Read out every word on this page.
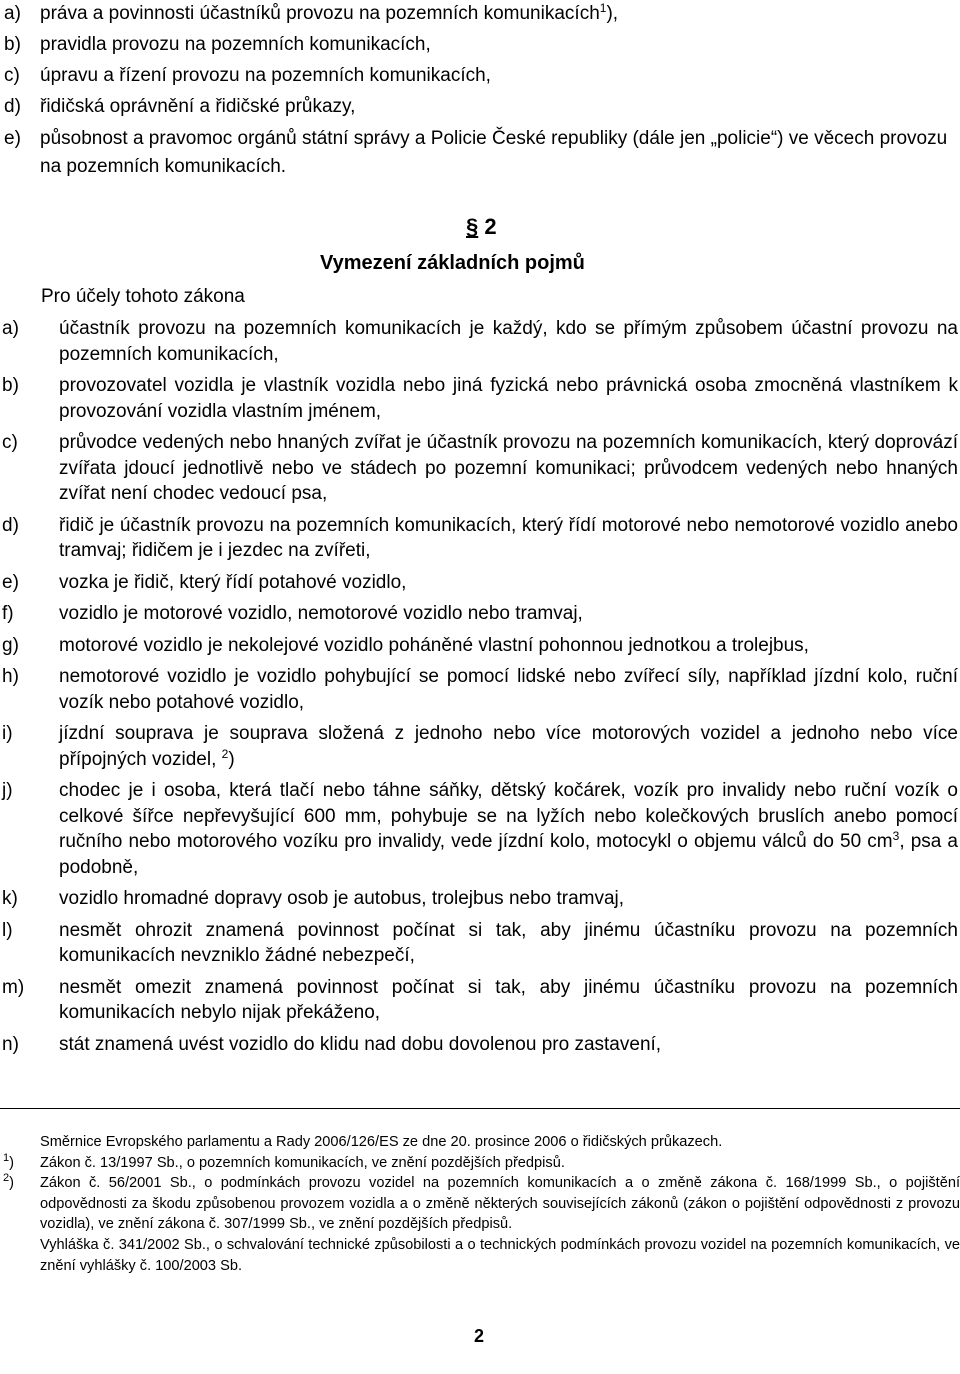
a)	práva a povinnosti účastníků provozu na pozemních komunikacích$^1$),
b)	pravidla provozu na pozemních komunikacích,
c)	úpravu a řízení provozu na pozemních komunikacích,
d)	řidičská oprávnění a řidičské průkazy,
e)	působnost a pravomoc orgánů státní správy a Policie České republiky (dále jen „policie“) ve věcech provozu na pozemních komunikacích.
§ 2
Vymezení základních pojmů
Pro účely tohoto zákona
a)	účastník provozu na pozemních komunikacích je každý, kdo se přímým způsobem účastní provozu na pozemních komunikacích,
b)	provozovatel vozidla je vlastník vozidla nebo jiná fyzická nebo právnická osoba zmocněná vlastníkem k provozování vozidla vlastním jménem,
c)	průvodce vedených nebo hnaných zvířat je účastník provozu na pozemních komunikacích, který doprovází zvířata jdoucí jednotlivě nebo ve stádech po pozemní komunikaci; průvodcem vedených nebo hnaných zvířat není chodec vedoucí psa,
d)	řidič je účastník provozu na pozemních komunikacích, který řídí motorové nebo nemotorové vozidlo anebo tramvaj; řidičem je i jezdec na zvířeti,
e)	vozka je řidič, který řídí potahové vozidlo,
f)	vozidlo je motorové vozidlo, nemotorové vozidlo nebo tramvaj,
g)	motorové vozidlo je nekolejové vozidlo poháněné vlastní pohonnou jednotkou a trolejbus,
h)	nemotorové vozidlo je vozidlo pohybující se pomocí lidské nebo zvířecí síly, například jízdní kolo, ruční vozík nebo potahové vozidlo,
i)	jízdní souprava je souprava složená z jednoho nebo více motorových vozidel a jednoho nebo více přípojných vozidel, $^2$)
j)	chodec je i osoba, která tlačí nebo táhne sáňky, dětský kočárek, vozík pro invalidy nebo ruční vozík o celkové šířce nepřevyšující 600 mm, pohybuje se na lyžích nebo kolečkových bruslích anebo pomocí ručního nebo motorového vozíku pro invalidy, vede jízdní kolo, motocykl o objemu válců do 50 $cm^3$, psa a podobně,
k)	vozidlo hromadné dopravy osob je autobus, trolejbus nebo tramvaj,
l)	nesmět ohrozit znamená povinnost počínat si tak, aby jinému účastníku provozu na pozemních komunikacích nevzniklo žádné nebezpečí,
m)	nesmět omezit znamená povinnost počínat si tak, aby jinému účastníku provozu na pozemních komunikacích nebylo nijak překáženo,
n)	stát znamená uvést vozidlo do klidu nad dobu dovolenou pro zastavení,
Směrnice Evropského parlamentu a Rady 2006/126/ES ze dne 20. prosince 2006 o řidičských průkazech.
$^1$)	Zákon č. 13/1997 Sb., o pozemních komunikacích, ve znění pozdějších předpisů.
$^2$)	Zákon č. 56/2001 Sb., o podmínkách provozu vozidel na pozemních komunikacích a o změně zákona č. 168/1999 Sb., o pojištění odpovědnosti za škodu způsobenou provozem vozidla a o změně některých souvisejících zákonů (zákon o pojištění odpovědnosti z provozu vozidla), ve znění zákona č. 307/1999 Sb., ve znění pozdějších předpisů.
Vyhláška č. 341/2002 Sb., o schvalování technické způsobilosti a o technických podmínkách provozu vozidel na pozemních komunikacích, ve znění vyhlášky č. 100/2003 Sb.
2
